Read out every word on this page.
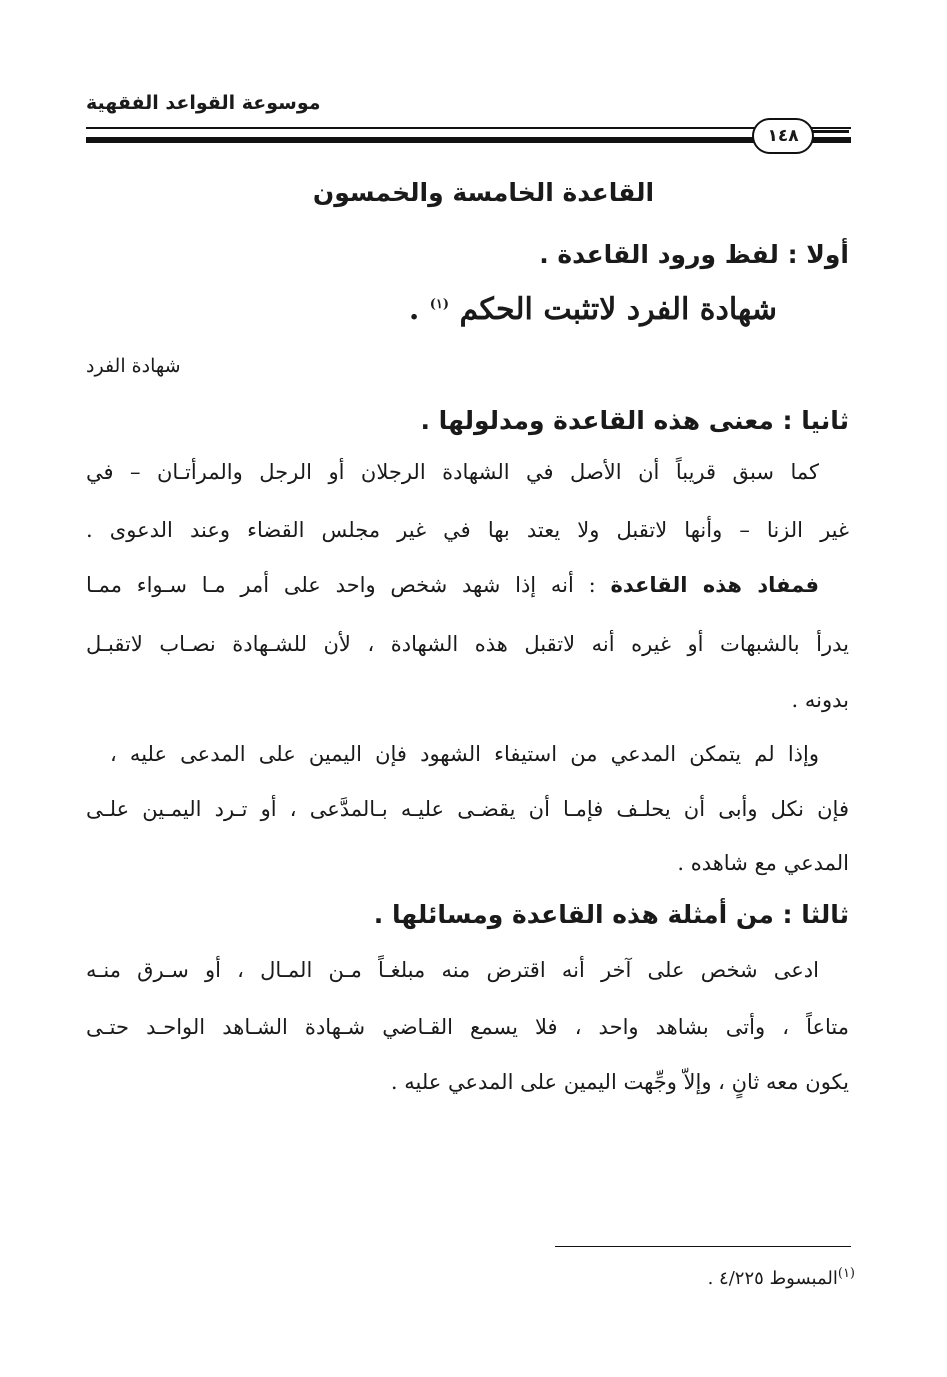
موسوعة القواعد الفقهية
١٤٨
القاعدة الخامسة والخمسون
أولا : لفظ ورود القاعدة .
شهادة الفرد لاتثبت الحكم $^{(١)}$ .
شهادة الفرد
ثانيا : معنى هذه القاعدة ومدلولها .
كما سبق قريباً أن الأصل في الشهادة الرجلان أو الرجل والمرأتـان – في
غير الزنا – وأنها لاتقبل ولا يعتد بها في غير مجلس القضاء وعند الدعوى .
فمفاد هذه القاعدة : أنه إذا شهد شخص واحد على أمر مـا سـواء ممـا
يدرأ بالشبهات أو غيره أنه لاتقبل هذه الشهادة ، لأن للشـهادة نصـاب لاتقبـل
بدونه .
وإذا لم يتمكن المدعي من استيفاء الشهود فإن اليمين على المدعى عليه ،
فإن نكل وأبى أن يحلـف فإمـا أن يقضـى عليـه بـالمدَّعى ، أو تـرد اليمـين علـى
المدعي مع شاهده .
ثالثا : من أمثلة هذه القاعدة ومسائلها .
ادعى شخص على آخر أنه اقترض منه مبلغـاً مـن المـال ، أو سـرق منـه
متاعاً ، وأتى بشاهد واحد ، فلا يسمع القـاضي شـهادة الشـاهد الواحـد حتـى
يكون معه ثانٍ ، وإلاّ وجِّهت اليمين على المدعي عليه .
$^{(١)}$المبسوط ٤/٢٢٥ .
